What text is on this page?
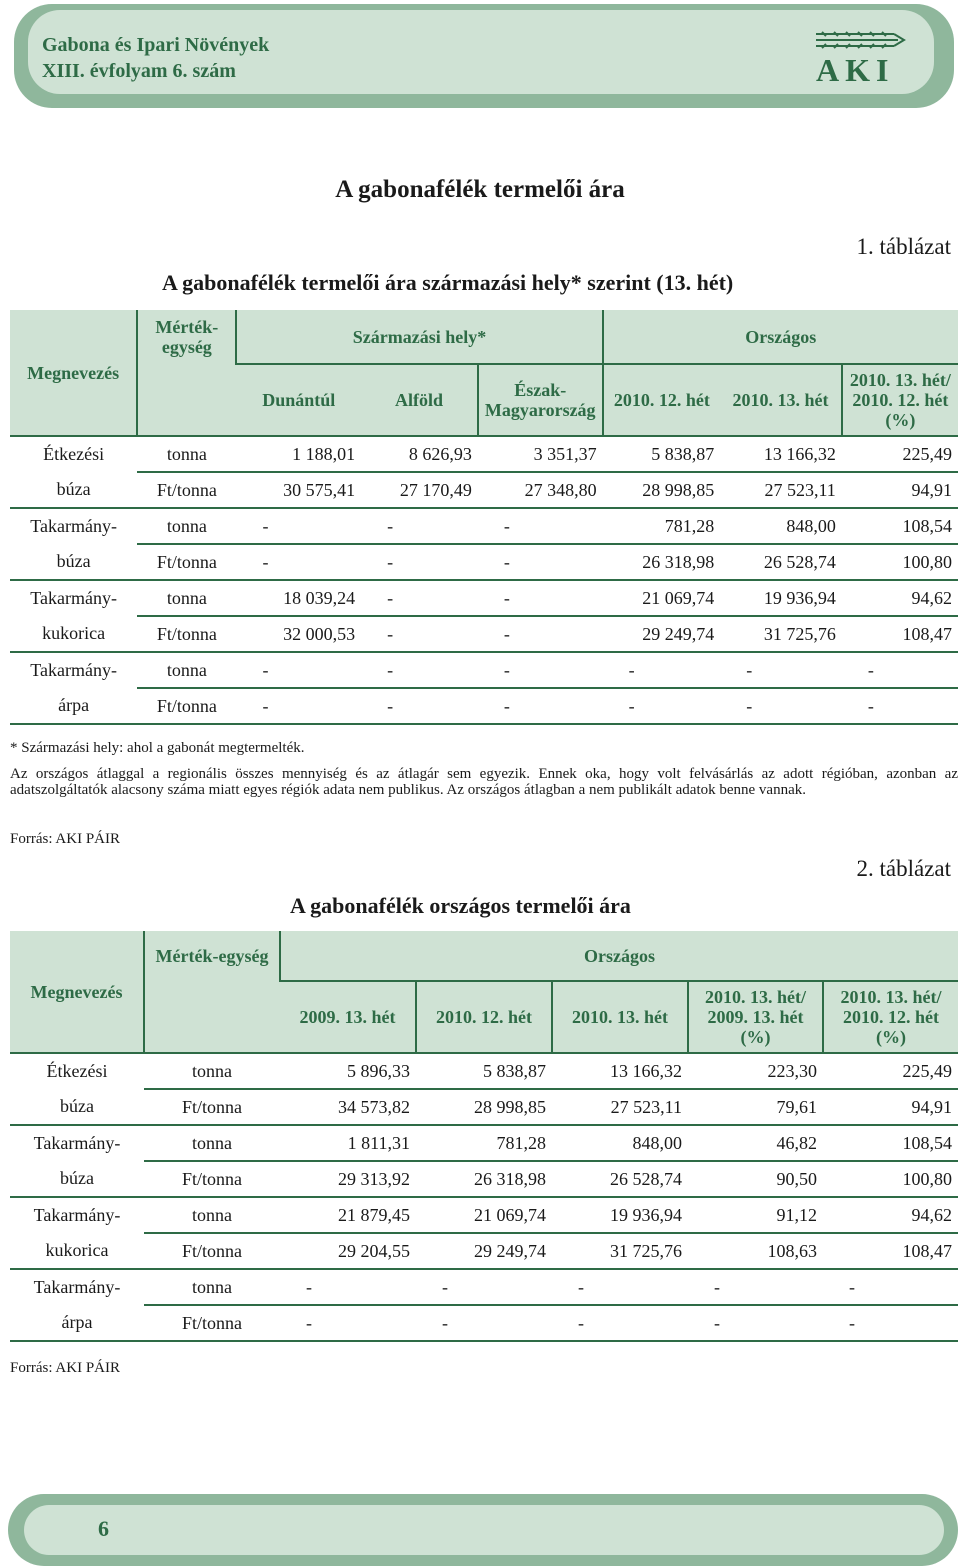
Gabona és Ipari Növények
XIII. évfolyam 6. szám	AKI
A gabonafélék termelői ára
1. táblázat
A gabonafélék termelői ára származási hely* szerint (13. hét)
Megnevezés	Mérték-egység	Származási hely*			Országos		
		Dunántúl	Alföld	Észak-Magyarország	2010. 12. hét	2010. 13. hét	2010. 13. hét/ 2010. 12. hét (%)
Étkezési	tonna	1 188,01	8 626,93	3 351,37	5 838,87	13 166,32	225,49
búza	Ft/tonna	30 575,41	27 170,49	27 348,80	28 998,85	27 523,11	94,91
Takarmány-	tonna	-	-	-	781,28	848,00	108,54
búza	Ft/tonna	-	-	-	26 318,98	26 528,74	100,80
Takarmány-	tonna	18 039,24	-	-	21 069,74	19 936,94	94,62
kukorica	Ft/tonna	32 000,53	-	-	29 249,74	31 725,76	108,47
Takarmány-	tonna	-	-	-	-	-	-
árpa	Ft/tonna	-	-	-	-	-	-
* Származási hely: ahol a gabonát megtermelték.
Az országos átlaggal a regionális összes mennyiség és az átlagár sem egyezik. Ennek oka, hogy volt felvásárlás az adott régióban, azonban az adatszolgáltatók alacsony száma miatt egyes régiók adata nem publikus. Az országos átlagban a nem publikált adatok benne vannak.
Forrás: AKI PÁIR
2. táblázat
A gabonafélék országos termelői ára
Megnevezés	Mérték-egység	Országos				
		2009. 13. hét	2010. 12. hét	2010. 13. hét	2010. 13. hét/ 2009. 13. hét (%)	2010. 13. hét/ 2010. 12. hét (%)
Étkezési	tonna	5 896,33	5 838,87	13 166,32	223,30	225,49
búza	Ft/tonna	34 573,82	28 998,85	27 523,11	79,61	94,91
Takarmány-	tonna	1 811,31	781,28	848,00	46,82	108,54
búza	Ft/tonna	29 313,92	26 318,98	26 528,74	90,50	100,80
Takarmány-	tonna	21 879,45	21 069,74	19 936,94	91,12	94,62
kukorica	Ft/tonna	29 204,55	29 249,74	31 725,76	108,63	108,47
Takarmány-	tonna	-	-	-	-	-
árpa	Ft/tonna	-	-	-	-	-
Forrás: AKI PÁIR
6
